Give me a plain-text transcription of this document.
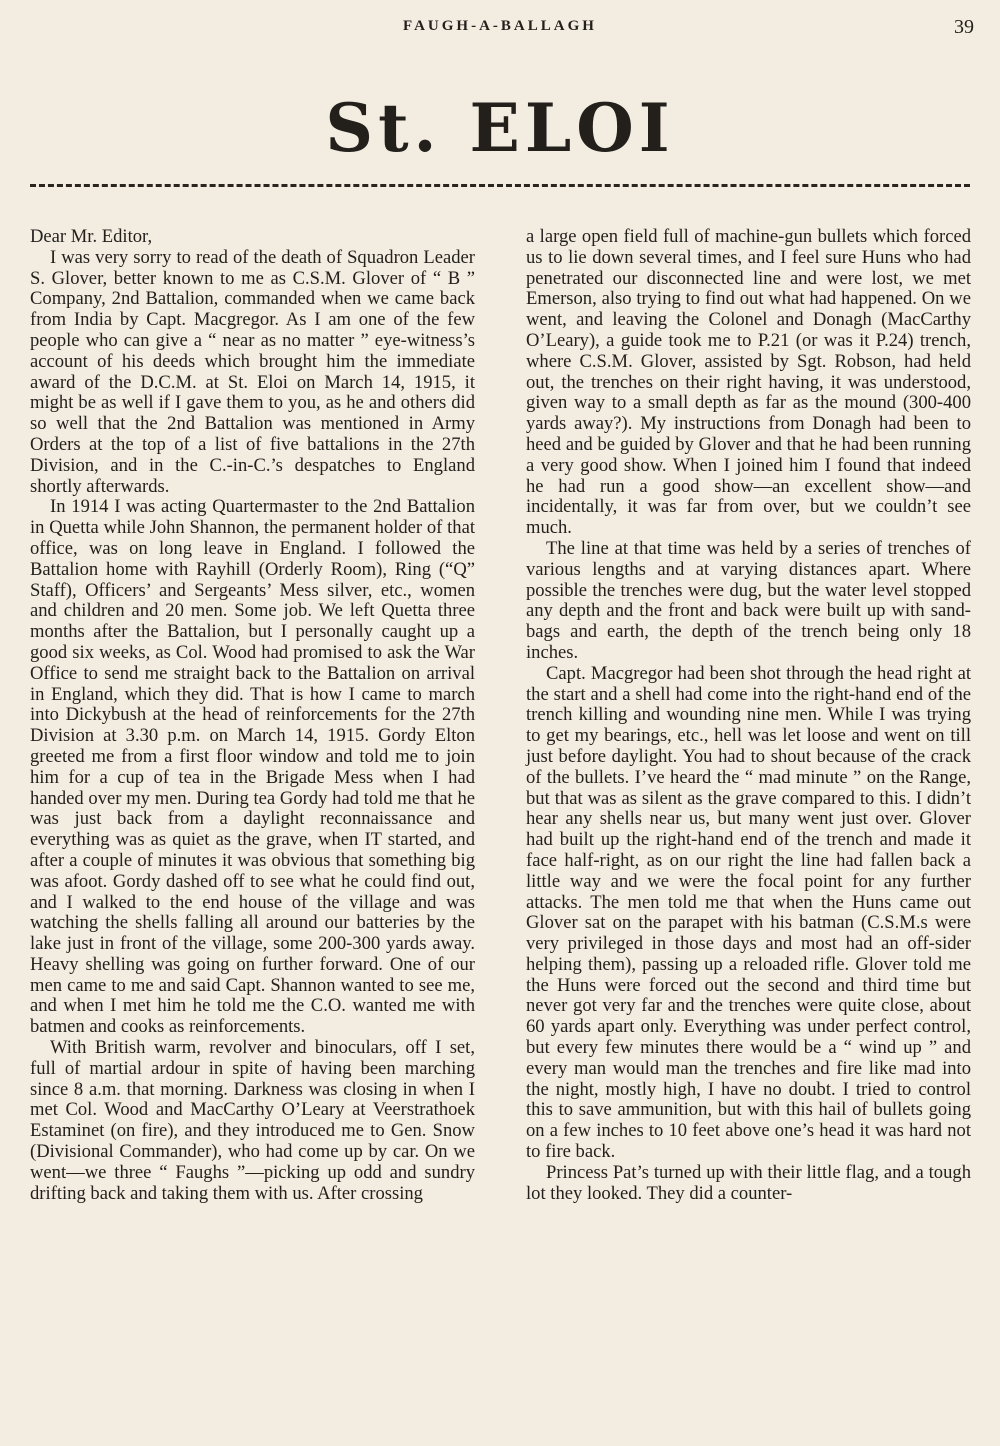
FAUGH-A-BALLAGH	39
St. ELOI

Dear Mr. Editor,

I was very sorry to read of the death of Squadron Leader S. Glover, better known to me as C.S.M. Glover of “ B ” Company, 2nd Battalion, commanded when we came back from India by Capt. Macgregor. As I am one of the few people who can give a “ near as no matter ” eye-witness’s account of his deeds which brought him the immediate award of the D.C.M. at St. Eloi on March 14, 1915, it might be as well if I gave them to you, as he and others did so well that the 2nd Battalion was mentioned in Army Orders at the top of a list of five battalions in the 27th Division, and in the C.-in-C.’s despatches to England shortly afterwards.

In 1914 I was acting Quartermaster to the 2nd Battalion in Quetta while John Shannon, the permanent holder of that office, was on long leave in England. I followed the Battalion home with Rayhill (Orderly Room), Ring (“Q” Staff), Officers’ and Sergeants’ Mess silver, etc., women and children and 20 men. Some job. We left Quetta three months after the Battalion, but I personally caught up a good six weeks, as Col. Wood had promised to ask the War Office to send me straight back to the Battalion on arrival in England, which they did. That is how I came to march into Dickybush at the head of reinforcements for the 27th Division at 3.30 p.m. on March 14, 1915. Gordy Elton greeted me from a first floor window and told me to join him for a cup of tea in the Brigade Mess when I had handed over my men. During tea Gordy had told me that he was just back from a daylight reconnaissance and everything was as quiet as the grave, when IT started, and after a couple of minutes it was obvious that something big was afoot. Gordy dashed off to see what he could find out, and I walked to the end house of the village and was watching the shells falling all around our batteries by the lake just in front of the village, some 200-300 yards away. Heavy shelling was going on further forward. One of our men came to me and said Capt. Shannon wanted to see me, and when I met him he told me the C.O. wanted me with batmen and cooks as reinforcements.

With British warm, revolver and binoculars, off I set, full of martial ardour in spite of having been marching since 8 a.m. that morning. Darkness was closing in when I met Col. Wood and MacCarthy O’Leary at Veerstrathoek Estaminet (on fire), and they introduced me to Gen. Snow (Divisional Commander), who had come up by car. On we went—we three “ Faughs ”—picking up odd and sundry drifting back and taking them with us. After crossing

a large open field full of machine-gun bullets which forced us to lie down several times, and I feel sure Huns who had penetrated our disconnected line and were lost, we met Emerson, also trying to find out what had happened. On we went, and leaving the Colonel and Donagh (MacCarthy O’Leary), a guide took me to P.21 (or was it P.24) trench, where C.S.M. Glover, assisted by Sgt. Robson, had held out, the trenches on their right having, it was understood, given way to a small depth as far as the mound (300-400 yards away?). My instructions from Donagh had been to heed and be guided by Glover and that he had been running a very good show. When I joined him I found that indeed he had run a good show—an excellent show—and incidentally, it was far from over, but we couldn’t see much.

The line at that time was held by a series of trenches of various lengths and at varying distances apart. Where possible the trenches were dug, but the water level stopped any depth and the front and back were built up with sand-bags and earth, the depth of the trench being only 18 inches.

Capt. Macgregor had been shot through the head right at the start and a shell had come into the right-hand end of the trench killing and wounding nine men. While I was trying to get my bearings, etc., hell was let loose and went on till just before daylight. You had to shout because of the crack of the bullets. I’ve heard the “ mad minute ” on the Range, but that was as silent as the grave compared to this. I didn’t hear any shells near us, but many went just over. Glover had built up the right-hand end of the trench and made it face half-right, as on our right the line had fallen back a little way and we were the focal point for any further attacks. The men told me that when the Huns came out Glover sat on the parapet with his batman (C.S.M.s were very privileged in those days and most had an off-sider helping them), passing up a reloaded rifle. Glover told me the Huns were forced out the second and third time but never got very far and the trenches were quite close, about 60 yards apart only. Everything was under perfect control, but every few minutes there would be a “ wind up ” and every man would man the trenches and fire like mad into the night, mostly high, I have no doubt. I tried to control this to save ammunition, but with this hail of bullets going on a few inches to 10 feet above one’s head it was hard not to fire back.

Princess Pat’s turned up with their little flag, and a tough lot they looked. They did a counter-
